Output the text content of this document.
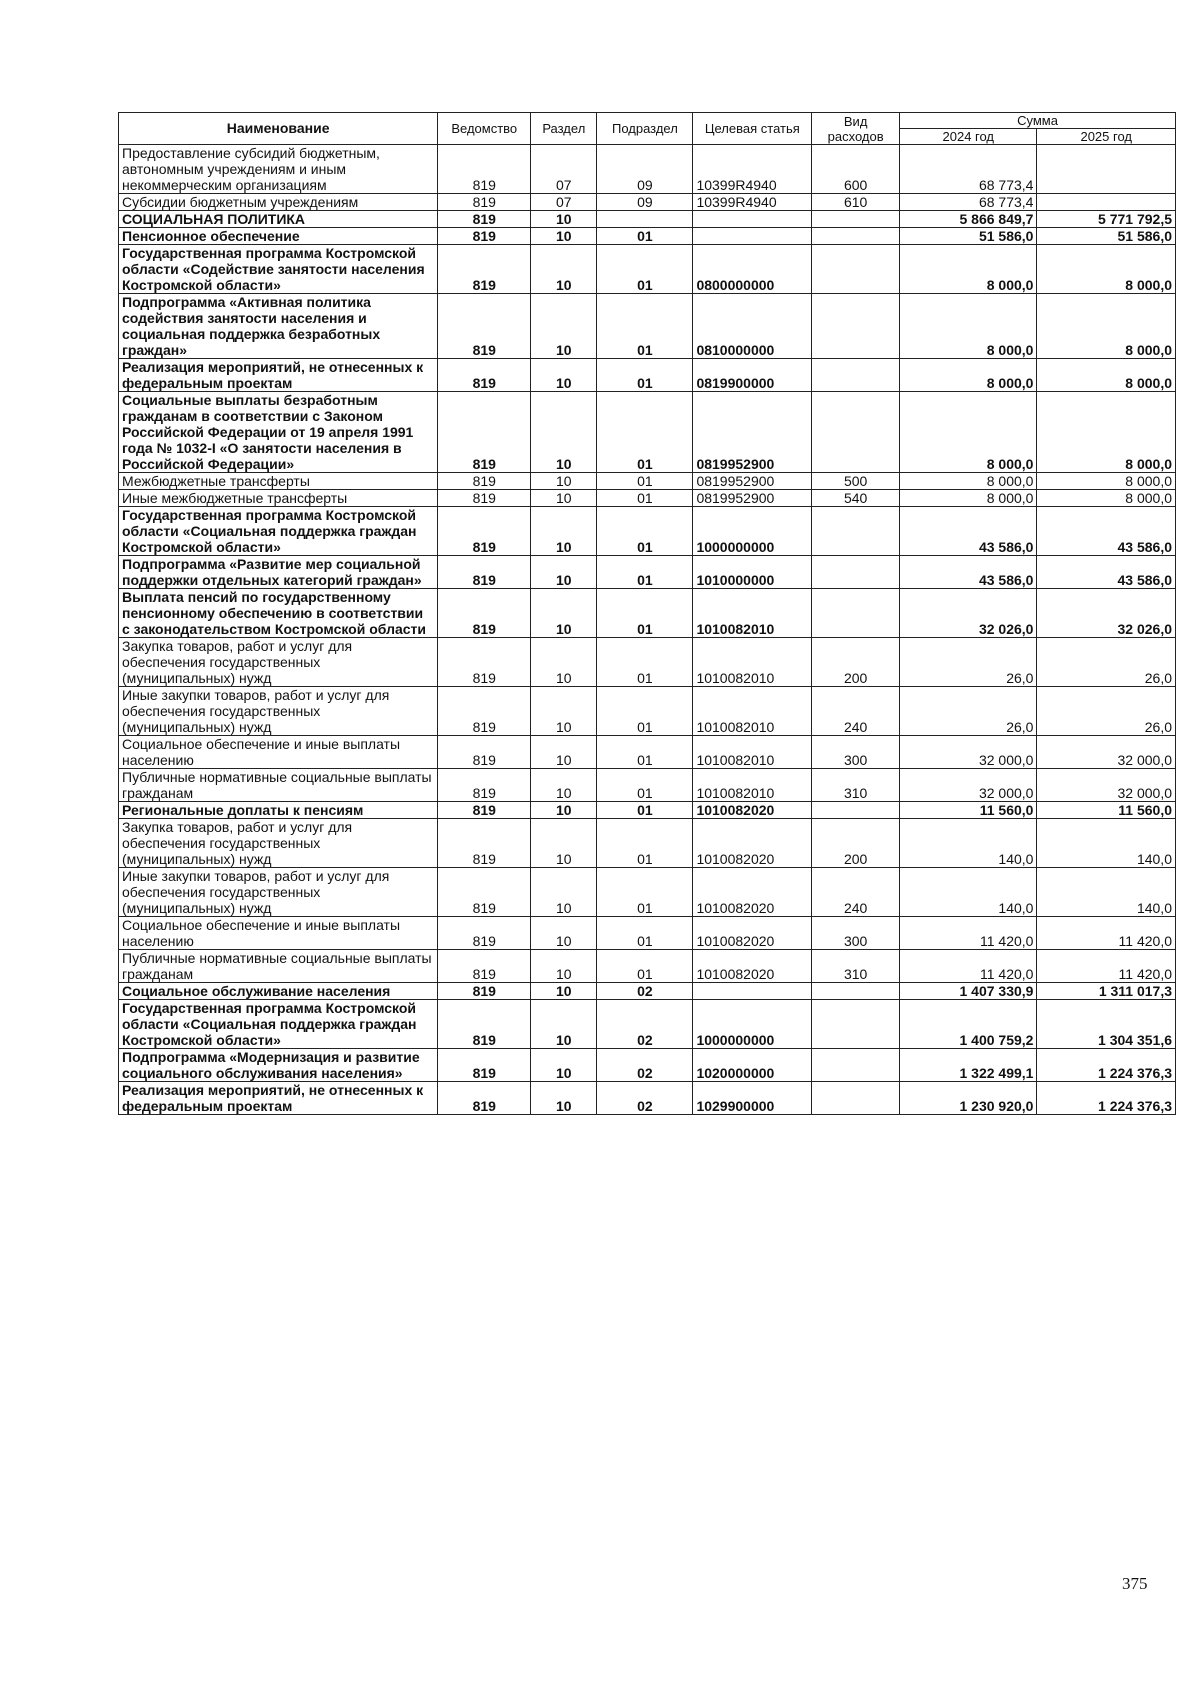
Наименование	Ведомство	Раздел	Подраздел	Целевая статья	Вид расходов	Сумма	
						2024 год	2025 год
Предоставление субсидий бюджетным, автономным учреждениям и иным некоммерческим организациям	819	07	09	10399R4940	600	68 773,4	
Субсидии бюджетным учреждениям	819	07	09	10399R4940	610	68 773,4	
СОЦИАЛЬНАЯ ПОЛИТИКА	819	10				5 866 849,7	5 771 792,5
Пенсионное обеспечение	819	10	01			51 586,0	51 586,0
Государственная программа Костромской области «Содействие занятости населения Костромской области»	819	10	01	0800000000		8 000,0	8 000,0
Подпрограмма «Активная политика содействия занятости населения и социальная поддержка безработных граждан»	819	10	01	0810000000		8 000,0	8 000,0
Реализация мероприятий, не отнесенных к федеральным проектам	819	10	01	0819900000		8 000,0	8 000,0
Социальные выплаты безработным гражданам в соответствии с Законом Российской Федерации от 19 апреля 1991 года № 1032-I «О занятости населения в Российской Федерации»	819	10	01	0819952900		8 000,0	8 000,0
Межбюджетные трансферты	819	10	01	0819952900	500	8 000,0	8 000,0
Иные межбюджетные трансферты	819	10	01	0819952900	540	8 000,0	8 000,0
Государственная программа Костромской области «Социальная поддержка граждан Костромской области»	819	10	01	1000000000		43 586,0	43 586,0
Подпрограмма «Развитие мер социальной поддержки отдельных категорий граждан»	819	10	01	1010000000		43 586,0	43 586,0
Выплата пенсий по государственному пенсионному обеспечению в соответствии с законодательством Костромской области	819	10	01	1010082010		32 026,0	32 026,0
Закупка товаров, работ и услуг для обеспечения государственных (муниципальных) нужд	819	10	01	1010082010	200	26,0	26,0
Иные закупки товаров, работ и услуг для обеспечения государственных (муниципальных) нужд	819	10	01	1010082010	240	26,0	26,0
Социальное обеспечение и иные выплаты населению	819	10	01	1010082010	300	32 000,0	32 000,0
Публичные нормативные социальные выплаты гражданам	819	10	01	1010082010	310	32 000,0	32 000,0
Региональные доплаты к пенсиям	819	10	01	1010082020		11 560,0	11 560,0
Закупка товаров, работ и услуг для обеспечения государственных (муниципальных) нужд	819	10	01	1010082020	200	140,0	140,0
Иные закупки товаров, работ и услуг для обеспечения государственных (муниципальных) нужд	819	10	01	1010082020	240	140,0	140,0
Социальное обеспечение и иные выплаты населению	819	10	01	1010082020	300	11 420,0	11 420,0
Публичные нормативные социальные выплаты гражданам	819	10	01	1010082020	310	11 420,0	11 420,0
Социальное обслуживание населения	819	10	02			1 407 330,9	1 311 017,3
Государственная программа Костромской области «Социальная поддержка граждан Костромской области»	819	10	02	1000000000		1 400 759,2	1 304 351,6
Подпрограмма «Модернизация и развитие социального обслуживания населения»	819	10	02	1020000000		1 322 499,1	1 224 376,3
Реализация мероприятий, не отнесенных к федеральным проектам	819	10	02	1029900000		1 230 920,0	1 224 376,3
375
